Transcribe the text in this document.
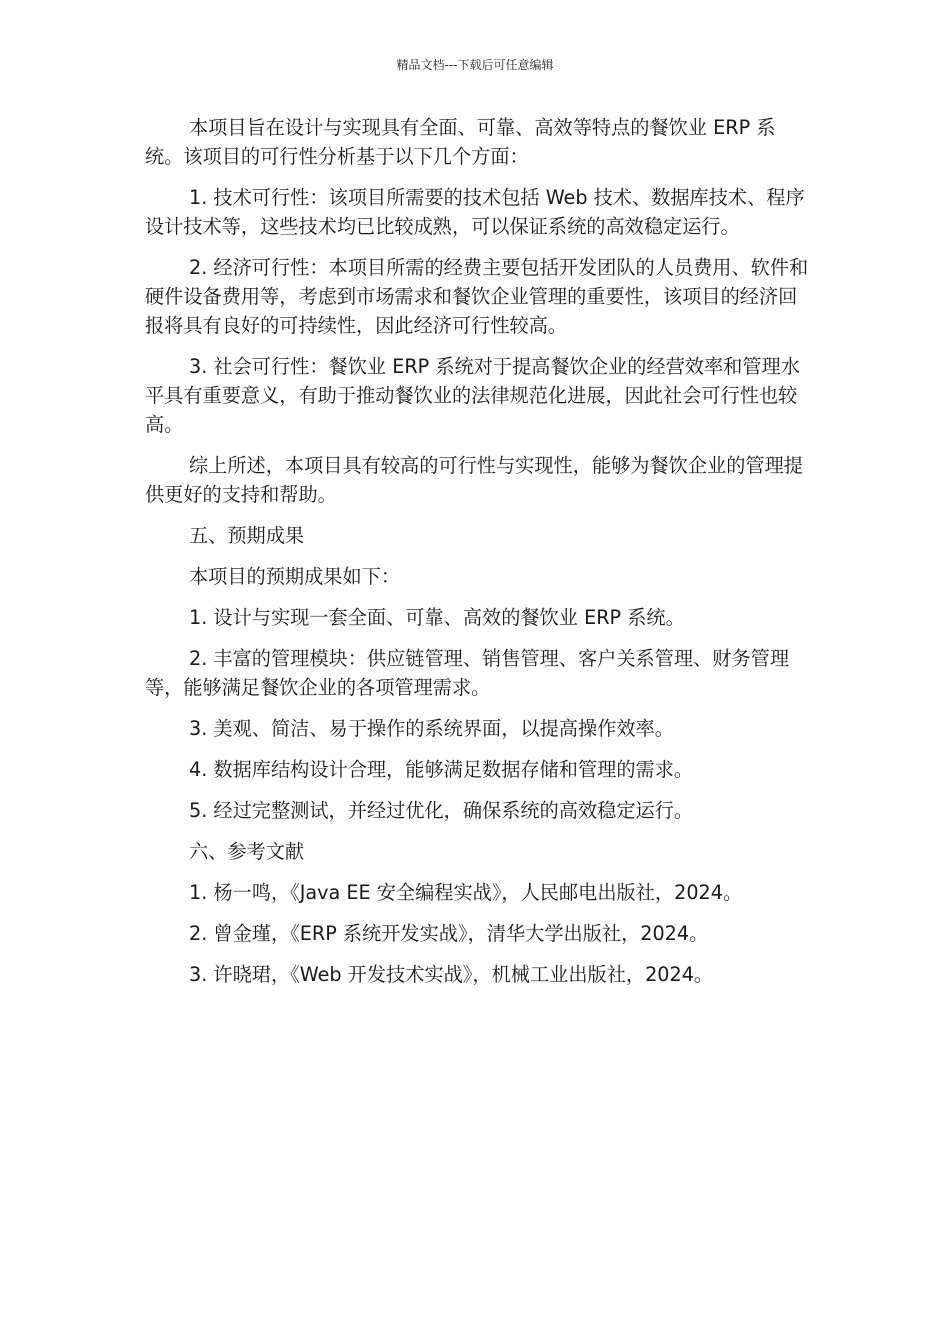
精品文档---下载后可任意编辑

本项目旨在设计与实现具有全面、可靠、高效等特点的餐饮业 ERP 系统。该项目的可行性分析基于以下几个方面：

1. 技术可行性：该项目所需要的技术包括 Web 技术、数据库技术、程序设计技术等，这些技术均已比较成熟，可以保证系统的高效稳定运行。

2. 经济可行性：本项目所需的经费主要包括开发团队的人员费用、软件和硬件设备费用等，考虑到市场需求和餐饮企业管理的重要性，该项目的经济回报将具有良好的可持续性，因此经济可行性较高。

3. 社会可行性：餐饮业 ERP 系统对于提高餐饮企业的经营效率和管理水平具有重要意义，有助于推动餐饮业的法律规范化进展，因此社会可行性也较高。

综上所述，本项目具有较高的可行性与实现性，能够为餐饮企业的管理提供更好的支持和帮助。

五、预期成果

本项目的预期成果如下：

1. 设计与实现一套全面、可靠、高效的餐饮业 ERP 系统。

2. 丰富的管理模块：供应链管理、销售管理、客户关系管理、财务管理等，能够满足餐饮企业的各项管理需求。

3. 美观、简洁、易于操作的系统界面，以提高操作效率。

4. 数据库结构设计合理，能够满足数据存储和管理的需求。

5. 经过完整测试，并经过优化，确保系统的高效稳定运行。

六、参考文献

1. 杨一鸣，《Java EE 安全编程实战》，人民邮电出版社，2024。

2. 曾金瑾，《ERP 系统开发实战》，清华大学出版社，2024。

3. 许晓珺，《Web 开发技术实战》，机械工业出版社，2024。
